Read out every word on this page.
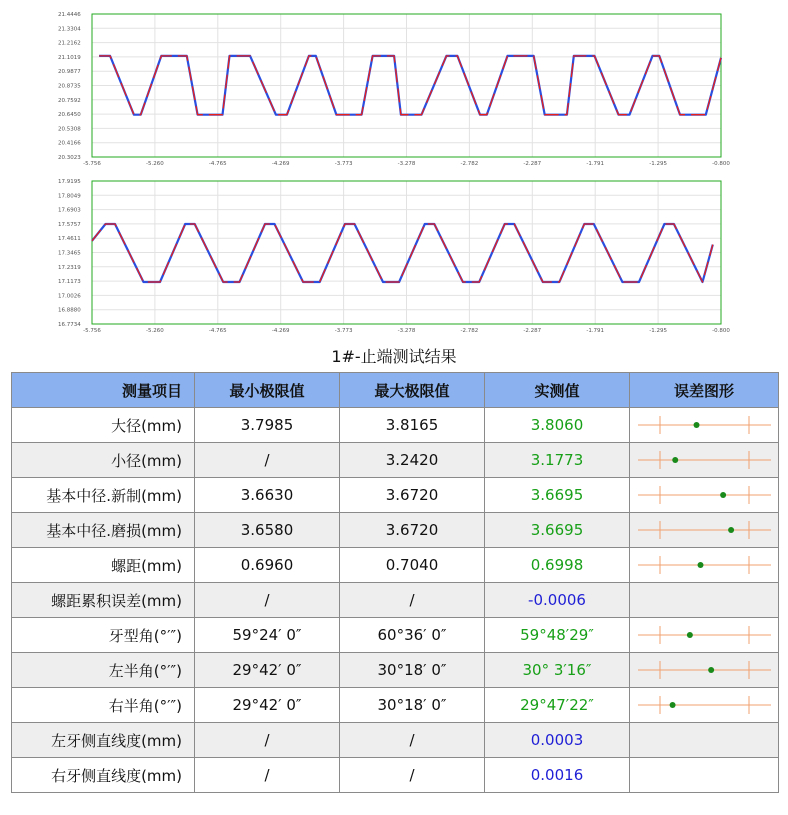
21.4446
21.3304
21.2162
21.1019
20.9877
20.8735
20.7592
20.6450
20.5308
20.4166
20.3023
-5.756	-5.260	-4.765	-4.269	-3.773	-3.278	-2.782	-2.287	-1.791	-1.295	-0.800
17.9195
17.8049
17.6903
17.5757
17.4611
17.3465
17.2319
17.1173
17.0026
16.8880
16.7734
-5.756	-5.260	-4.765	-4.269	-3.773	-3.278	-2.782	-2.287	-1.791	-1.295	-0.800
1#-止端测试结果
测量项目	最小极限值	最大极限值	实测值	误差图形
大径(mm)	3.7985	3.8165	3.8060	

小径(mm)	/	3.2420	3.1773	

基本中径.新制(mm)	3.6630	3.6720	3.6695	

基本中径.磨损(mm)	3.6580	3.6720	3.6695	

螺距(mm)	0.6960	0.7040	0.6998	

螺距累积误差(mm)	/	/	-0.0006	
牙型角(°′″)	59°24′ 0″	60°36′ 0″	59°48′29″	

左半角(°′″)	29°42′ 0″	30°18′ 0″	30° 3′16″	

右半角(°′″)	29°42′ 0″	30°18′ 0″	29°47′22″	

左牙侧直线度(mm)	/	/	0.0003	
右牙侧直线度(mm)	/	/	0.0016	
